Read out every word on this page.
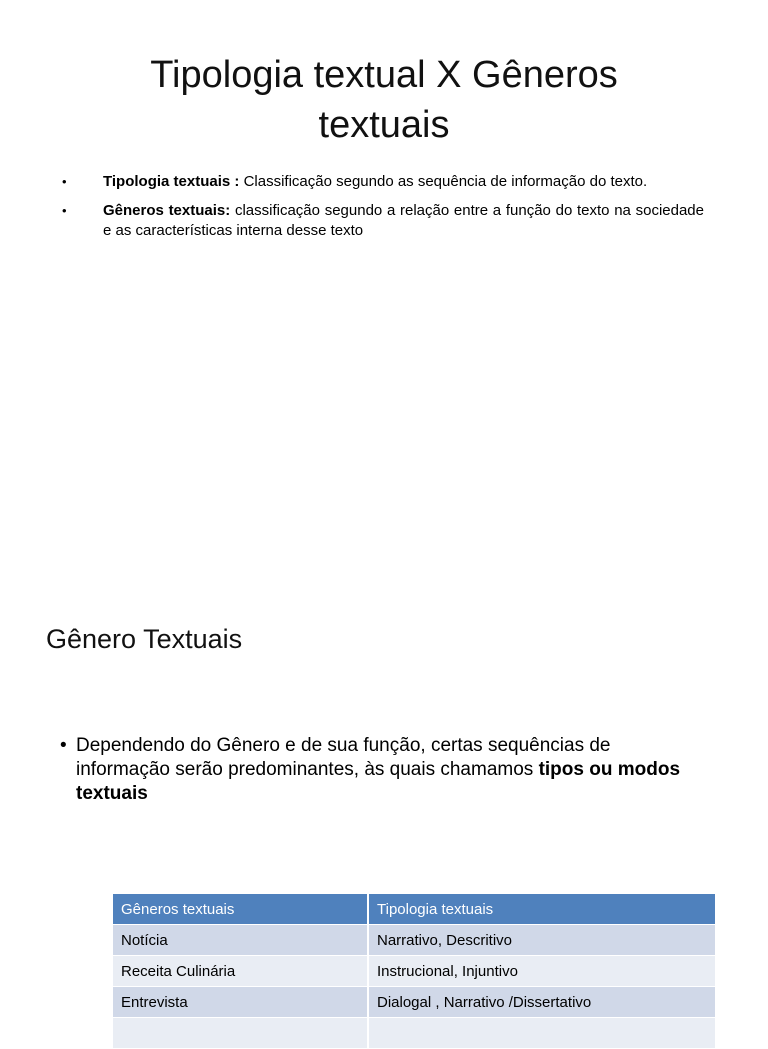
Tipologia textual X Gêneros textuais
•	Tipologia textuais : Classificação segundo as sequência de informação do texto.
•	Gêneros textuais: classificação segundo a relação entre a função do texto na sociedade e as características interna desse texto
Gênero Textuais
• Dependendo do Gênero e de sua função, certas sequências de informação serão predominantes, às quais chamamos tipos ou modos textuais
Gêneros textuais	Tipologia textuais
Notícia	Narrativo, Descritivo
Receita Culinária	Instrucional, Injuntivo
Entrevista	Dialogal , Narrativo /Dissertativo
